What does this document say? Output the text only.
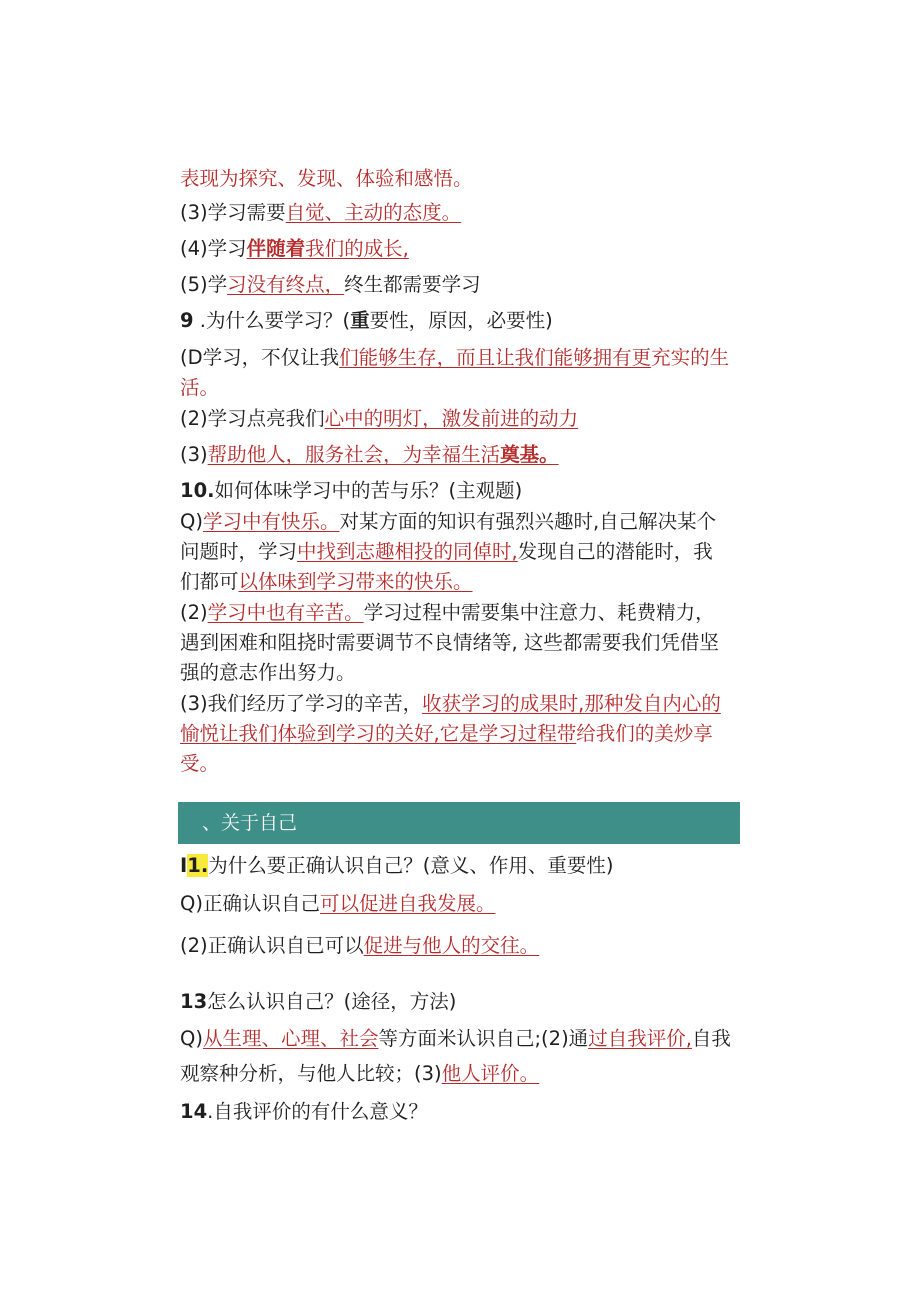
表现为探究、发现、体验和感悟。
(3)学习需要自觉、主动的态度。
(4)学习伴随着我们的成长,
(5)学习没有终点，终生都需要学习
9 .为什么要学习？(重要性，原因，必要性)
(D学习，不仅让我们能够生存，而且让我们能够拥有更充实的生
活。
(2)学习点亮我们心中的明灯，激发前进的动力
(3)帮助他人，服务社会，为幸福生活奠基。
10.如何体味学习中的苦与乐？(主观题)
Q)学习中有快乐。对某方面的知识有强烈兴趣时,自己解决某个
问题时，学习中找到志趣相投的同倬时,发现自己的潜能时，我
们都可以体味到学习带来的快乐。
(2)学习中也有辛苦。学习过程中需要集中注意力、耗费精力，
遇到困难和阻挠时需要调节不良情绪等, 这些都需要我们凭借坚
强的意志作出努力。
(3)我们经历了学习的辛苦，收获学习的成果时,那种发自内心的
愉悦让我们体验到学习的关好,它是学习过程带给我们的美炒享
受。
、关于自己
I1.为什么要正确认识自己？(意义、作用、重要性)
Q)正确认识自己可以促进自我发展。
(2)正确认识自已可以促进与他人的交往。
13怎么认识自己？(途径，方法)
Q)从生理、心理、社会等方面米认识自己;(2)通过自我评价,自我
观察种分析，与他人比较；(3)他人评价。
14.自我评价的有什么意义？
